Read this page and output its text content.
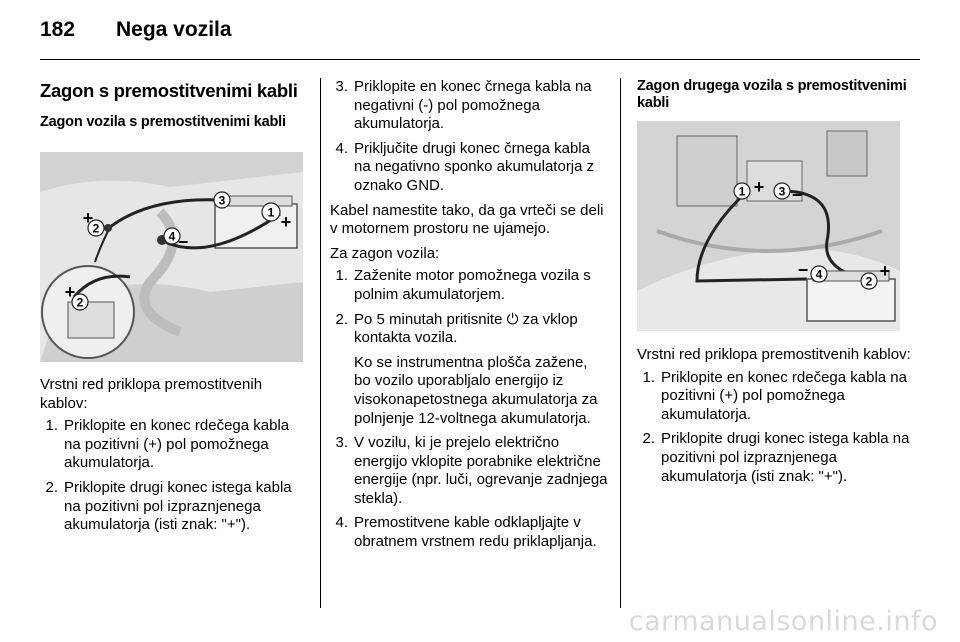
182 Nega vozila
Zagon s premostitvenimi kabli
Zagon vozila s premostitvenimi kabli
1
2
3
4
+
+
−
2
+

Vrstni red priklopa premostitvenih kablov:

1. Priklopite en konec rdečega kabla na pozitivni (+) pol pomožnega akumulatorja.
2. Priklopite drugi konec istega kabla na pozitivni pol izpraznjenega akumulatorja (isti znak: "+").
3. Priklopite en konec črnega kabla na negativni (-) pol pomožnega akumulatorja.
4. Priključite drugi konec črnega kabla na negativno sponko akumulatorja z oznako GND.

Kabel namestite tako, da ga vrteči se deli v motornem prostoru ne ujamejo.

Za zagon vozila:

1. Zaženite motor pomožnega vozila s polnim akumulatorjem.
2. Po 5 minutah pritisnite ⏻ za vklop kontakta vozila.
Ko se instrumentna plošča zažene, bo vozilo uporabljalo energijo iz visokonapetostnega akumulatorja za polnjenje 12-voltnega akumulatorja.
3. V vozilu, ki je prejelo električno energijo vklopite porabnike električne energije (npr. luči, ogrevanje zadnjega stekla).
4. Premostitvene kable odklapljajte v obratnem vrstnem redu priklapljanja.
Zagon drugega vozila s premostitvenimi kabli
1	3
4	2
+ −
−	+

Vrstni red priklopa premostitvenih kablov:

1. Priklopite en konec rdečega kabla na pozitivni (+) pol pomožnega akumulatorja.
2. Priklopite drugi konec istega kabla na pozitivni pol izpraznjenega akumulatorja (isti znak: "+").
carmanualsonline.info
